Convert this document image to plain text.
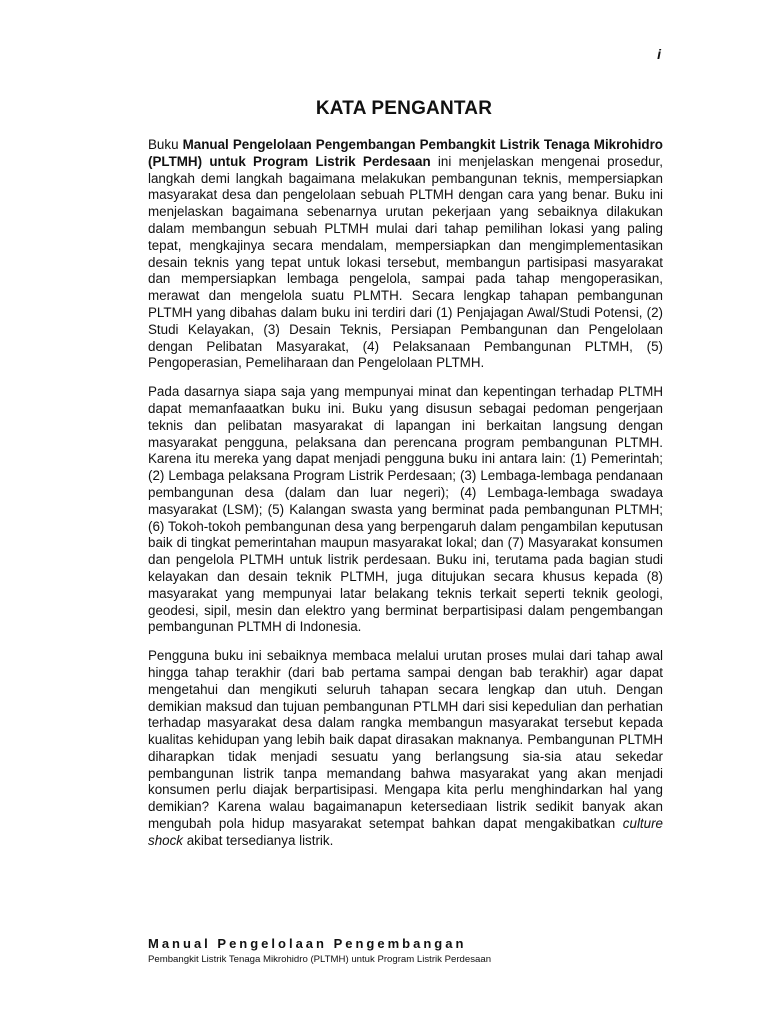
i
KATA PENGANTAR

Buku Manual Pengelolaan Pengembangan Pembangkit Listrik Tenaga Mikrohidro (PLTMH) untuk Program Listrik Perdesaan ini menjelaskan mengenai prosedur, langkah demi langkah bagaimana melakukan pembangunan teknis, mempersiapkan masyarakat desa dan pengelolaan sebuah PLTMH dengan cara yang benar. Buku ini menjelaskan bagaimana sebenarnya urutan pekerjaan yang sebaiknya dilakukan dalam membangun sebuah PLTMH mulai dari tahap pemilihan lokasi yang paling tepat, mengkajinya secara mendalam, mempersiapkan dan mengimplementasikan desain teknis yang tepat untuk lokasi tersebut, membangun partisipasi masyarakat dan mempersiapkan lembaga pengelola, sampai pada tahap mengoperasikan, merawat dan mengelola suatu PLMTH. Secara lengkap tahapan pembangunan PLTMH yang dibahas dalam buku ini terdiri dari (1) Penjajagan Awal/Studi Potensi, (2) Studi Kelayakan, (3) Desain Teknis, Persiapan Pembangunan dan Pengelolaan dengan Pelibatan Masyarakat, (4) Pelaksanaan Pembangunan PLTMH, (5) Pengoperasian, Pemeliharaan dan Pengelolaan PLTMH.

Pada dasarnya siapa saja yang mempunyai minat dan kepentingan terhadap PLTMH dapat memanfaaatkan buku ini. Buku yang disusun sebagai pedoman pengerjaan teknis dan pelibatan masyarakat di lapangan ini berkaitan langsung dengan masyarakat pengguna, pelaksana dan perencana program pembangunan PLTMH. Karena itu mereka yang dapat menjadi pengguna buku ini antara lain: (1) Pemerintah; (2) Lembaga pelaksana Program Listrik Perdesaan; (3) Lembaga-lembaga pendanaan pembangunan desa (dalam dan luar negeri); (4) Lembaga-lembaga swadaya masyarakat (LSM); (5) Kalangan swasta yang berminat pada pembangunan PLTMH; (6) Tokoh-tokoh pembangunan desa yang berpengaruh dalam pengambilan keputusan baik di tingkat pemerintahan maupun masyarakat lokal; dan (7) Masyarakat konsumen dan pengelola PLTMH untuk listrik perdesaan. Buku ini, terutama pada bagian studi kelayakan dan desain teknik PLTMH, juga ditujukan secara khusus kepada (8) masyarakat yang mempunyai latar belakang teknis terkait seperti teknik geologi, geodesi, sipil, mesin dan elektro yang berminat berpartisipasi dalam pengembangan pembangunan PLTMH di Indonesia.

Pengguna buku ini sebaiknya membaca melalui urutan proses mulai dari tahap awal hingga tahap terakhir (dari bab pertama sampai dengan bab terakhir) agar dapat mengetahui dan mengikuti seluruh tahapan secara lengkap dan utuh. Dengan demikian maksud dan tujuan pembangunan PTLMH dari sisi kepedulian dan perhatian terhadap masyarakat desa dalam rangka membangun masyarakat tersebut kepada kualitas kehidupan yang lebih baik dapat dirasakan maknanya. Pembangunan PLTMH diharapkan tidak menjadi sesuatu yang berlangsung sia-sia atau sekedar pembangunan listrik tanpa memandang bahwa masyarakat yang akan menjadi konsumen perlu diajak berpartisipasi. Mengapa kita perlu menghindarkan hal yang demikian? Karena walau bagaimanapun ketersediaan listrik sedikit banyak akan mengubah pola hidup masyarakat setempat bahkan dapat mengakibatkan culture shock akibat tersedianya listrik.

Manual Pengelolaan Pengembangan
Pembangkit Listrik Tenaga Mikrohidro (PLTMH) untuk Program Listrik Perdesaan
